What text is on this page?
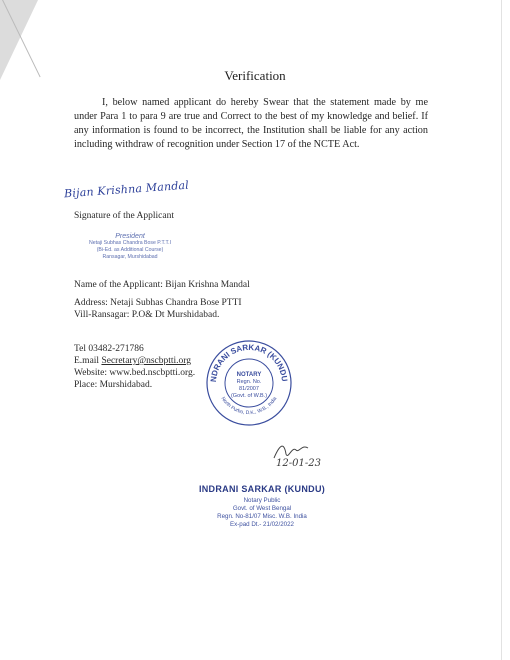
Verification
I, below named applicant do hereby Swear that the statement made by me under Para 1 to para 9 are true and Correct to the best of my knowledge and belief. If any information is found to be incorrect, the Institution shall be liable for any action including withdraw of recognition under Section 17 of the NCTE Act.
Bijan Krishna Mandal
Signature of the Applicant
President
Netaji Subhas Chandra Bose P.T.T.I
(Bi-Ed. as Additional Course)
Ransagar, Murshidabad
Name of the Applicant: Bijan Krishna Mandal
Address: Netaji Subhas Chandra Bose PTTI
Vill-Ransagar: P.O& Dt Murshidabad.
Tel 03482-271786
E.mail Secretary@nscbptti.org
Website: www.bed.nscbptti.org.
Place: Murshidabad.
NDRANI SARKAR (KUNDU
North Purbo, D.K., W.B., India
NOTARY
Regn. No.
81/2007
(Govt. of W.B.)
12-01-23
INDRANI SARKAR (KUNDU)
Notary Public
Govt. of West Bengal
Regn. No-81/07 Misc. W.B. India
Ex-pad Dt.- 21/02/2022
